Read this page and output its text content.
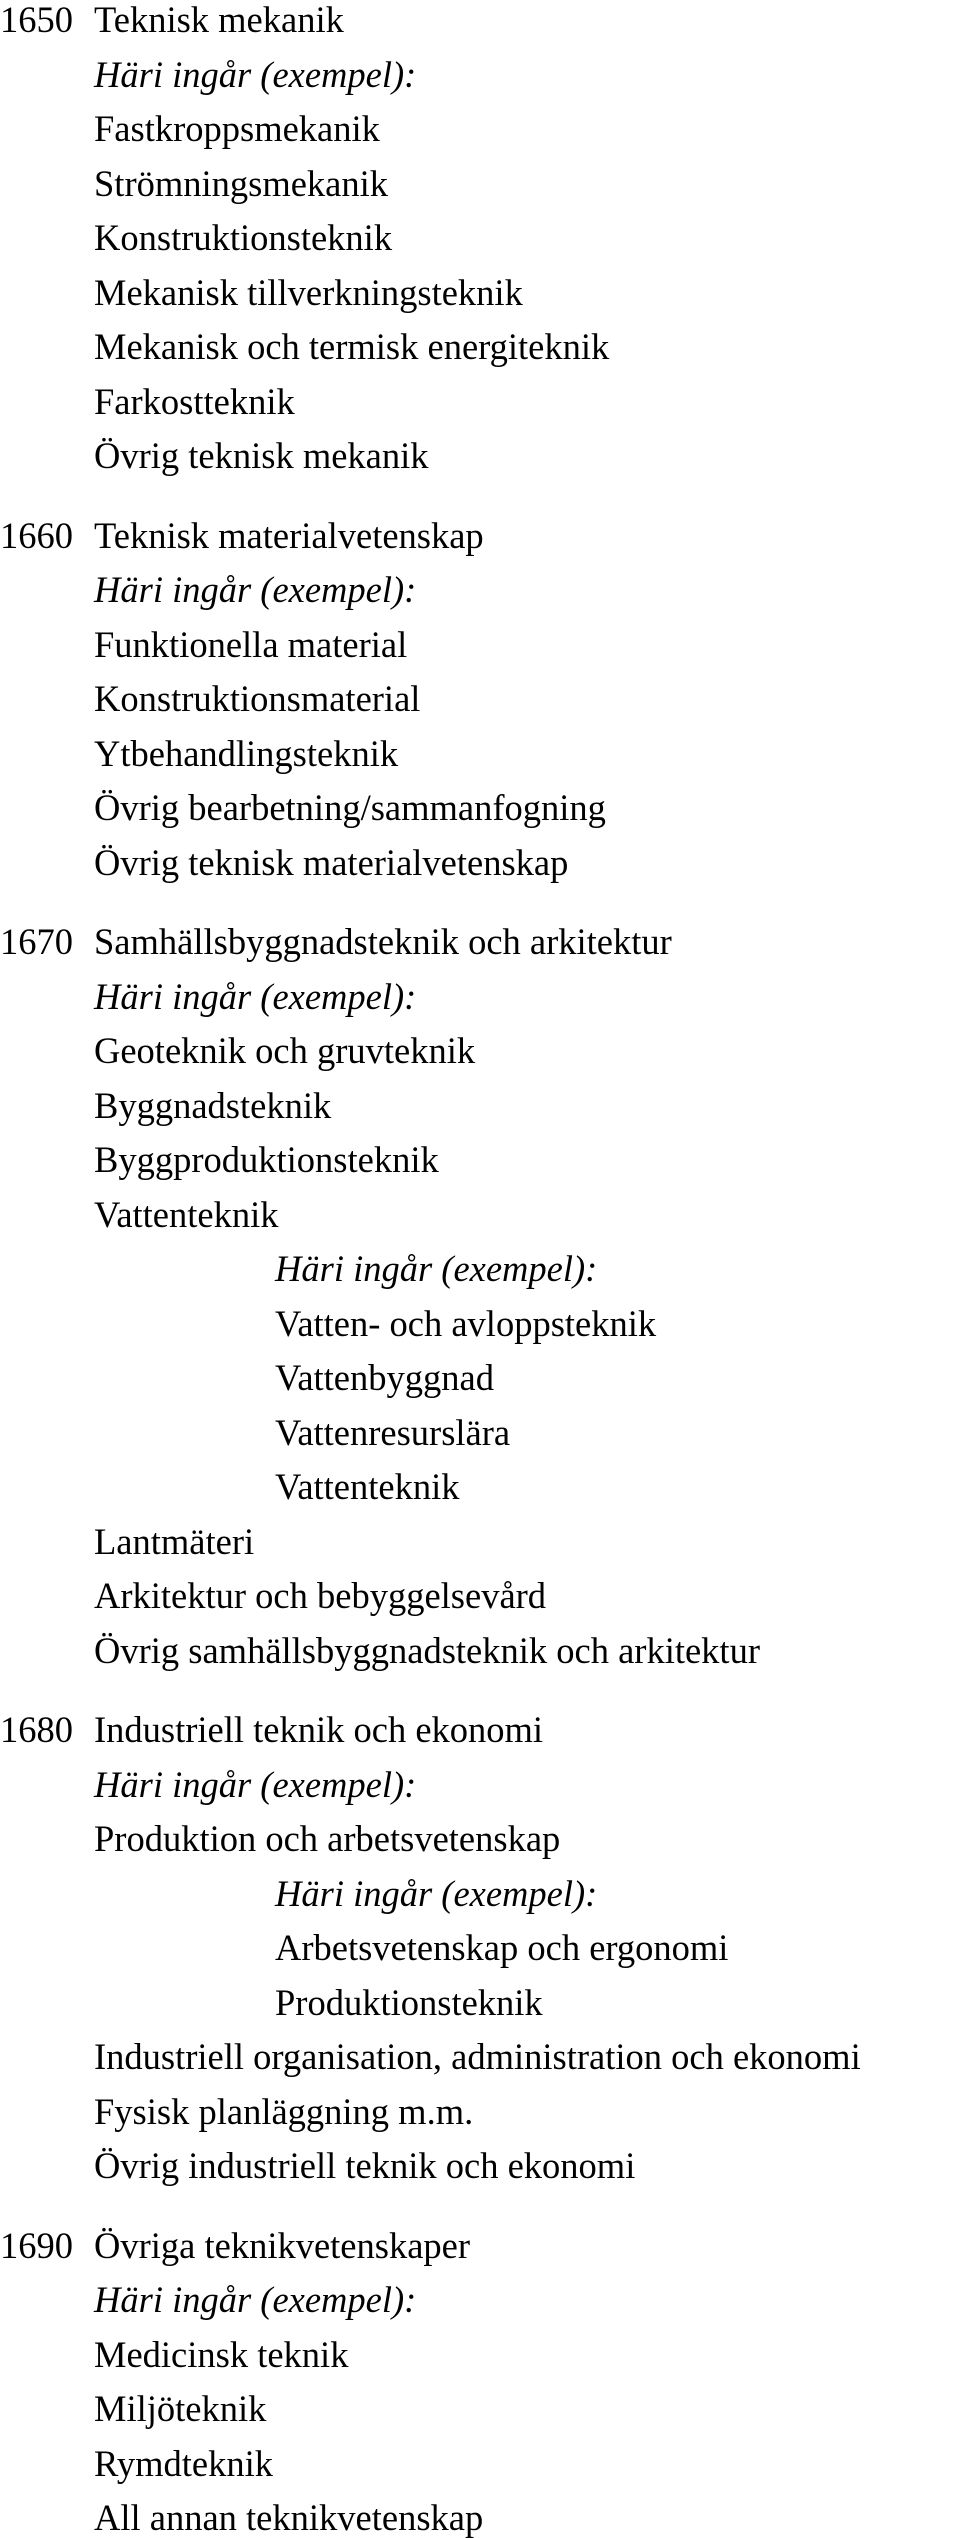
1650 Teknisk mekanik
Häri ingår (exempel):
Fastkroppsmekanik
Strömningsmekanik
Konstruktionsteknik
Mekanisk tillverkningsteknik
Mekanisk och termisk energiteknik
Farkostteknik
Övrig teknisk mekanik
1660 Teknisk materialvetenskap
Häri ingår (exempel):
Funktionella material
Konstruktionsmaterial
Ytbehandlingsteknik
Övrig bearbetning/sammanfogning
Övrig teknisk materialvetenskap
1670 Samhällsbyggnadsteknik och arkitektur
Häri ingår (exempel):
Geoteknik och gruvteknik
Byggnadsteknik
Byggproduktionsteknik
Vattenteknik
Häri ingår (exempel):
Vatten- och avloppsteknik
Vattenbyggnad
Vattenresurslära
Vattenteknik
Lantmäteri
Arkitektur och bebyggelsevård
Övrig samhällsbyggnadsteknik och arkitektur
1680 Industriell teknik och ekonomi
Häri ingår (exempel):
Produktion och arbetsvetenskap
Häri ingår (exempel):
Arbetsvetenskap och ergonomi
Produktionsteknik
Industriell organisation, administration och ekonomi
Fysisk planläggning m.m.
Övrig industriell teknik och ekonomi
1690 Övriga teknikvetenskaper
Häri ingår (exempel):
Medicinsk teknik
Miljöteknik
Rymdteknik
All annan teknikvetenskap
